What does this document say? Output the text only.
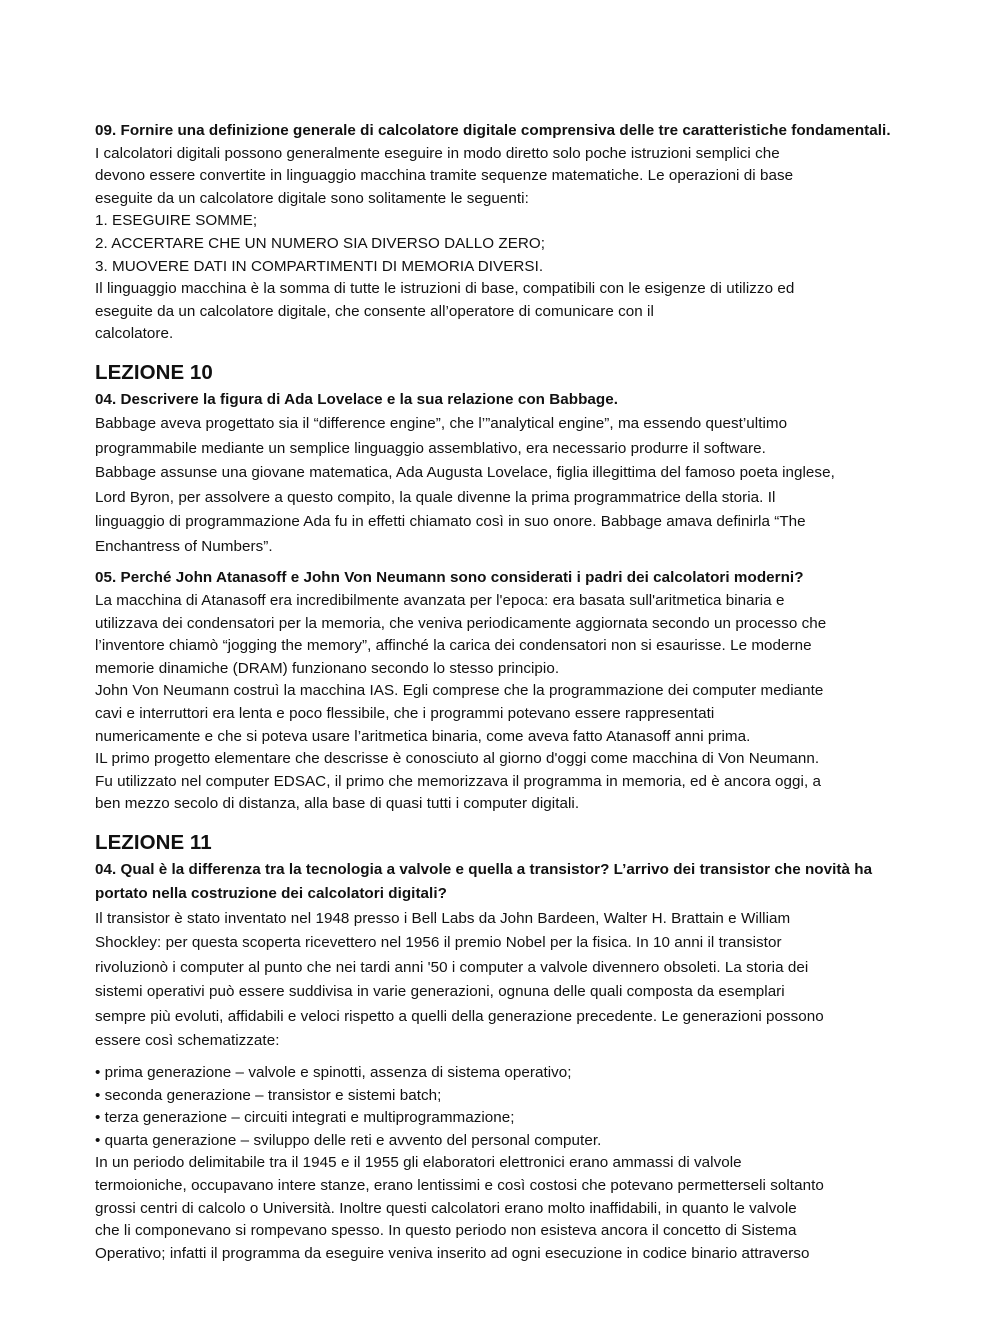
09. Fornire una definizione generale di calcolatore digitale comprensiva delle tre caratteristiche fondamentali.

I calcolatori digitali possono generalmente eseguire in modo diretto solo poche istruzioni semplici che

devono essere convertite in linguaggio macchina tramite sequenze matematiche. Le operazioni di base

eseguite da un calcolatore digitale sono solitamente le seguenti:

1. ESEGUIRE SOMME;

2. ACCERTARE CHE UN NUMERO SIA DIVERSO DALLO ZERO;

3. MUOVERE DATI IN COMPARTIMENTI DI MEMORIA DIVERSI.

Il linguaggio macchina è la somma di tutte le istruzioni di base, compatibili con le esigenze di utilizzo ed

eseguite da un calcolatore digitale, che consente all’operatore di comunicare con il

calcolatore.

LEZIONE 10

04. Descrivere la figura di Ada Lovelace e la sua relazione con Babbage.

Babbage aveva progettato sia il “difference engine”, che l’”analytical engine”, ma essendo quest’ultimo

programmabile mediante un semplice linguaggio assemblativo, era necessario produrre il software.

Babbage assunse una giovane matematica, Ada Augusta Lovelace, figlia illegittima del famoso poeta inglese,

Lord Byron, per assolvere a questo compito, la quale divenne la prima programmatrice della storia. Il

linguaggio di programmazione Ada fu in effetti chiamato così in suo onore. Babbage amava definirla “The

Enchantress of Numbers”.

05. Perché John Atanasoff e John Von Neumann sono considerati i padri dei calcolatori moderni?

La macchina di Atanasoff era incredibilmente avanzata per l'epoca: era basata sull'aritmetica binaria e

utilizzava dei condensatori per la memoria, che veniva periodicamente aggiornata secondo un processo che

l’inventore chiamò “jogging the memory”, affinché la carica dei condensatori non si esaurisse. Le moderne

memorie dinamiche (DRAM) funzionano secondo lo stesso principio.

John Von Neumann costruì la macchina IAS. Egli comprese che la programmazione dei computer mediante

cavi e interruttori era lenta e poco flessibile, che i programmi potevano essere rappresentati

numericamente e che si poteva usare l’aritmetica binaria, come aveva fatto Atanasoff anni prima.

IL primo progetto elementare che descrisse è conosciuto al giorno d'oggi come macchina di Von Neumann.

Fu utilizzato nel computer EDSAC, il primo che memorizzava il programma in memoria, ed è ancora oggi, a

ben mezzo secolo di distanza, alla base di quasi tutti i computer digitali.

LEZIONE 11

04. Qual è la differenza tra la tecnologia a valvole e quella a transistor? L’arrivo dei transistor che novità ha portato nella costruzione dei calcolatori digitali?

Il transistor è stato inventato nel 1948 presso i Bell Labs da John Bardeen, Walter H. Brattain e William

Shockley: per questa scoperta ricevettero nel 1956 il premio Nobel per la fisica. In 10 anni il transistor

rivoluzionò i computer al punto che nei tardi anni '50 i computer a valvole divennero obsoleti. La storia dei

sistemi operativi può essere suddivisa in varie generazioni, ognuna delle quali composta da esemplari

sempre più evoluti, affidabili e veloci rispetto a quelli della generazione precedente. Le generazioni possono

essere così schematizzate:

• prima generazione – valvole e spinotti, assenza di sistema operativo;

• seconda generazione – transistor e sistemi batch;

• terza generazione – circuiti integrati e multiprogrammazione;

• quarta generazione – sviluppo delle reti e avvento del personal computer.

In un periodo delimitabile tra il 1945 e il 1955 gli elaboratori elettronici erano ammassi di valvole

termoioniche, occupavano intere stanze, erano lentissimi e così costosi che potevano permetterseli soltanto

grossi centri di calcolo o Università. Inoltre questi calcolatori erano molto inaffidabili, in quanto le valvole

che li componevano si rompevano spesso. In questo periodo non esisteva ancora il concetto di Sistema

Operativo; infatti il programma da eseguire veniva inserito ad ogni esecuzione in codice binario attraverso
